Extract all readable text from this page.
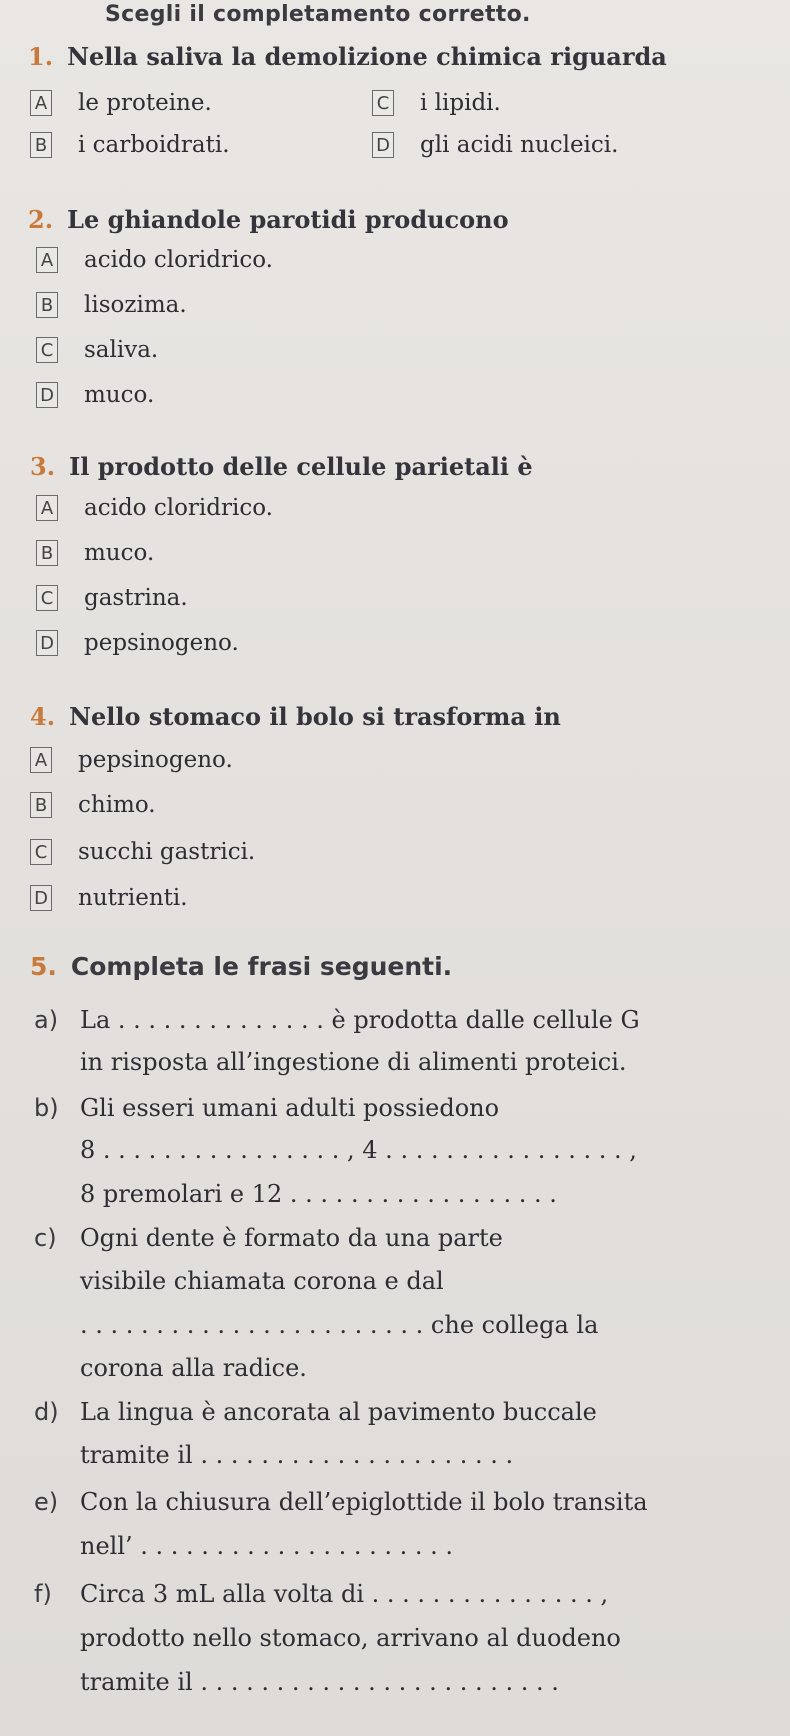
Scegli il completamento corretto.
1. Nella saliva la demolizione chimica riguarda
A le proteine.
B i carboidrati.
C i lipidi.
D gli acidi nucleici.
2. Le ghiandole parotidi producono
A acido cloridrico.
B lisozima.
C saliva.
D muco.
3. Il prodotto delle cellule parietali è
A acido cloridrico.
B muco.
C gastrina.
D pepsinogeno.
4. Nello stomaco il bolo si trasforma in
A pepsinogeno.
B chimo.
C succhi gastrici.
D nutrienti.
5. Completa le frasi seguenti.
a) La . . . . . . . . . . . . . . è prodotta dalle cellule G
in risposta all’ingestione di alimenti proteici.
b) Gli esseri umani adulti possiedono
8 . . . . . . . . . . . . . . . . , 4 . . . . . . . . . . . . . . . . ,
8 premolari e 12 . . . . . . . . . . . . . . . . . .
c) Ogni dente è formato da una parte
visibile chiamata corona e dal
. . . . . . . . . . . . . . . . . . . . . . . che collega la
corona alla radice.
d) La lingua è ancorata al pavimento buccale
tramite il . . . . . . . . . . . . . . . . . . . . .
e) Con la chiusura dell’epiglottide il bolo transita
nell’ . . . . . . . . . . . . . . . . . . . . .
f) Circa 3 mL alla volta di . . . . . . . . . . . . . . . ,
prodotto nello stomaco, arrivano al duodeno
tramite il . . . . . . . . . . . . . . . . . . . . . . . .
